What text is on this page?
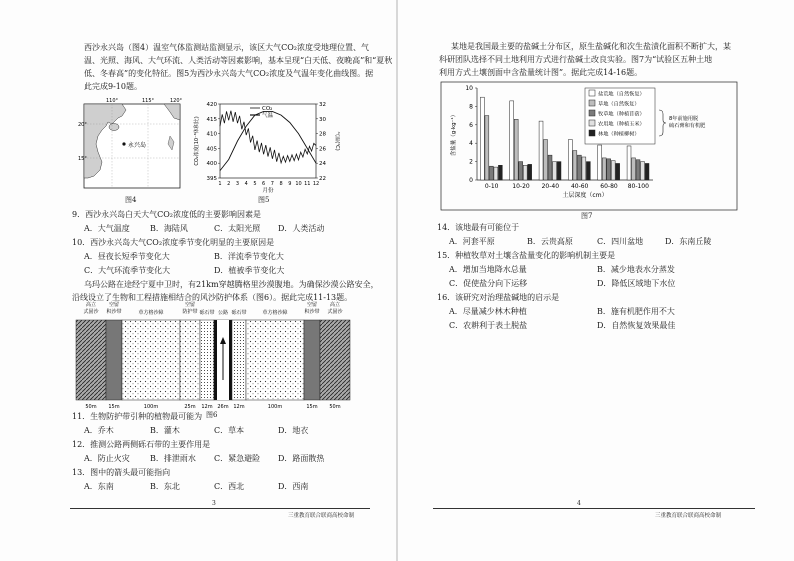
西沙永兴岛（图4）温室气体监测站监测显示，该区大气CO₂浓度受地理位置、气
温、光照、海风、大气环流、人类活动等因素影响，基本呈现“白天低、夜晚高”和“夏秋
低、冬春高”的变化特征。图5为西沙永兴岛大气CO₂浓度及气温年变化曲线图。据
此完成9-10题。
永兴岛
110°	115°	120°
20°
15°
图4
395
400
405
410
415
420
22
24
26
28
30
32
1 2 3 4 5 6 7 8 9 10 11 12
月份
CO₂浓度(10⁻⁶体积比)	气温(℃)
CO₂
气温
图5
9．西沙永兴岛白天大气CO₂浓度低的主要影响因素是
A．大气温度	B．海陆风	C．太阳光照 D．人类活动
10．西沙永兴岛大气CO₂浓度季节变化明显的主要原因是
A．昼夜长短季节变化大	B．洋流季节变化大
C．大气环流季节变化大	D．植被季节变化大
乌玛公路在途经宁夏中卫时，有21km穿越腾格里沙漠腹地。为确保沙漠公路安全，
沿线设立了生物和工程措施相结合的风沙防护体系（图6）。据此完成11-13题。
高立
式固沙
50m
空留
积沙带
15m
草方格沙障
100m
空留
防护带
25m
砾石带
12m
公路
26m
砾石带
12m
草方格沙障
100m
空留
积沙带
15m
高立
式固沙
50m
图6
11．生物防护带引种的植物最可能为
A．乔木	B．灌木	C．草本	D．地衣
12．推测公路两侧砾石带的主要作用是
A．防止火灾	B．排泄雨水 C．紧急避险 D．路面散热
13．图中的箭头最可能指向
A．东南	B．东北	C．西北	D．西南
3
三重教育联合联商高校命制
某地是我国最主要的盐碱土分布区，原生盐碱化和次生盐渍化面积不断扩大，某
科研团队选择不同土地利用方式进行盐碱土改良实验。图7为“试验区五种土地
利用方式土壤剖面中含盐量统计图”。据此完成14-16题。
0
2
4
6
8
10
含盐量（g·kg⁻¹）
0-10 10-20 20-40 40-60 60-80 80-100
土层深度（cm）
盐荒地（自然恢复）
草地（自然恢复）
牧草地（种植苜蓿）
农用地（种植玉米）
林地（种植柳树）
8年前施用脱
硫石膏和有机肥
图7
14．该地最有可能位于
A．河套平原	B．云贵高原	C．四川盆地	D．东南丘陵
15．种植牧草对土壤含盐量变化的影响机制主要是
A．增加当地降水总量	B．减少地表水分蒸发
C．促使盐分向下运移	D．降低区域地下水位
16．该研究对治理盐碱地的启示是
A．尽量减少林木种植	B．施有机肥作用不大
C．农耕利于表土脱盐	D．自然恢复效果最佳
4
三重教育联合联商高校命制
